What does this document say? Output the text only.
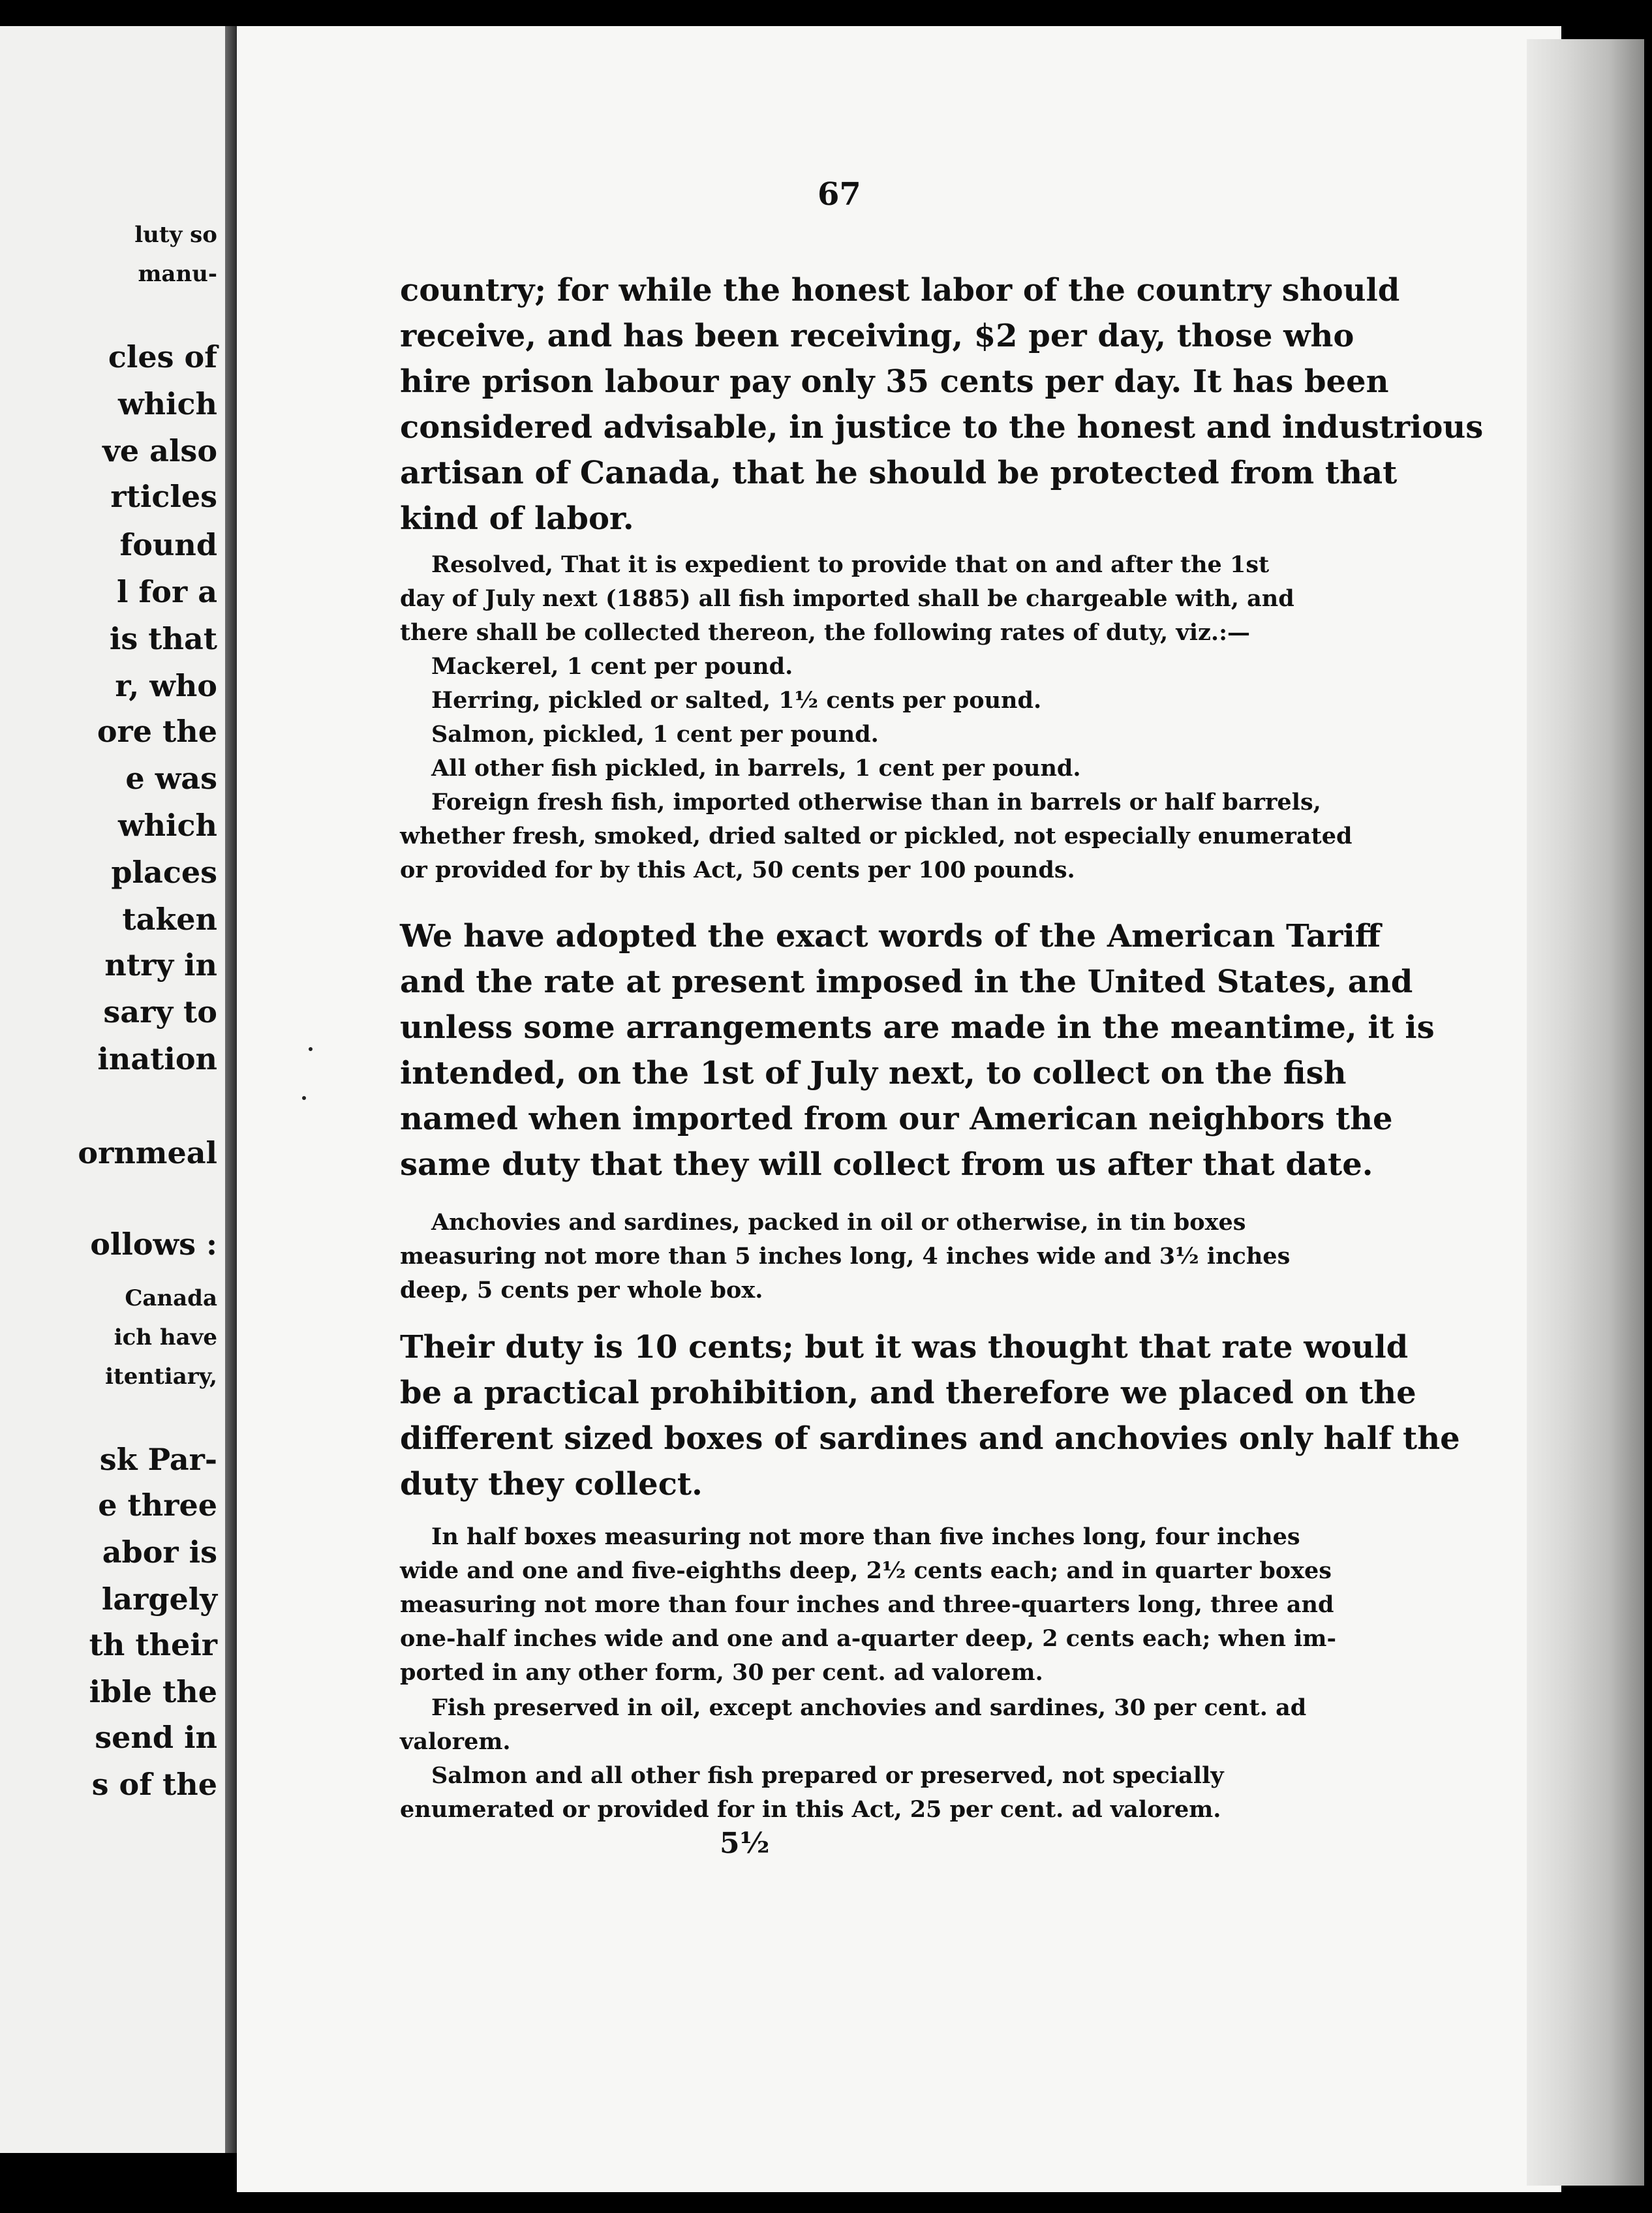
luty so
manu-
cles of
which
ve also
rticles
found
l for a
is that
r, who
ore the
e was
which
places
taken
ntry in
sary to
ination
ornmeal
ollows :
Canada
ich have
itentiary,
sk Par-
e three
abor is
largely
th their
ible the
send in
s of the
67
country; for while the honest labor of the country should
receive, and has been receiving, $2 per day, those who
hire prison labour pay only 35 cents per day. It has been
considered advisable, in justice to the honest and industrious
artisan of Canada, that he should be protected from that
kind of labor.
Resolved, That it is expedient to provide that on and after the 1st
day of July next (1885) all fish imported shall be chargeable with, and
there shall be collected thereon, the following rates of duty, viz.:—
Mackerel, 1 cent per pound.
Herring, pickled or salted, 1½ cents per pound.
Salmon, pickled, 1 cent per pound.
All other fish pickled, in barrels, 1 cent per pound.
Foreign fresh fish, imported otherwise than in barrels or half barrels,
whether fresh, smoked, dried salted or pickled, not especially enumerated
or provided for by this Act, 50 cents per 100 pounds.
We have adopted the exact words of the American Tariff
and the rate at present imposed in the United States, and
unless some arrangements are made in the meantime, it is
intended, on the 1st of July next, to collect on the fish
named when imported from our American neighbors the
same duty that they will collect from us after that date.
Anchovies and sardines, packed in oil or otherwise, in tin boxes
measuring not more than 5 inches long, 4 inches wide and 3½ inches
deep, 5 cents per whole box.
Their duty is 10 cents; but it was thought that rate would
be a practical prohibition, and therefore we placed on the
different sized boxes of sardines and anchovies only half the
duty they collect.
In half boxes measuring not more than five inches long, four inches
wide and one and five-eighths deep, 2½ cents each; and in quarter boxes
measuring not more than four inches and three-quarters long, three and
one-half inches wide and one and a-quarter deep, 2 cents each; when im-
ported in any other form, 30 per cent. ad valorem.
Fish preserved in oil, except anchovies and sardines, 30 per cent. ad
valorem.
Salmon and all other fish prepared or preserved, not specially
enumerated or provided for in this Act, 25 per cent. ad valorem.
5½
